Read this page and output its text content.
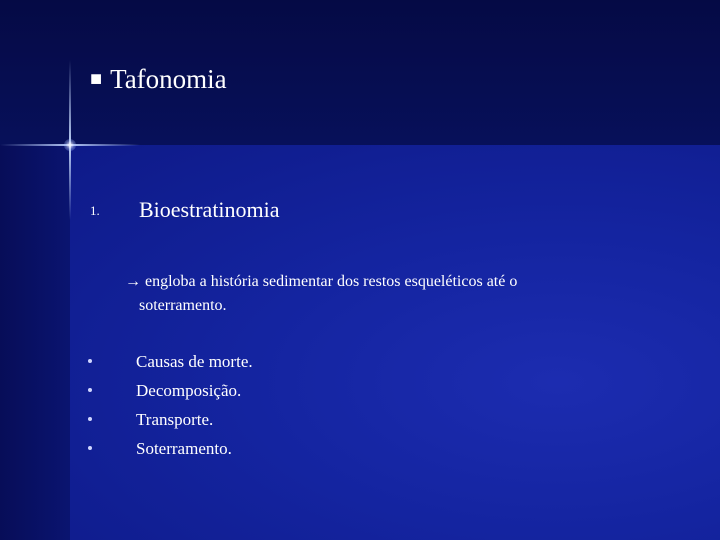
■ Tafonomia
1. Bioestratinomia
→ engloba a história sedimentar dos restos esqueléticos até o
soterramento.
Causas de morte.
Decomposição.
Transporte.
Soterramento.
